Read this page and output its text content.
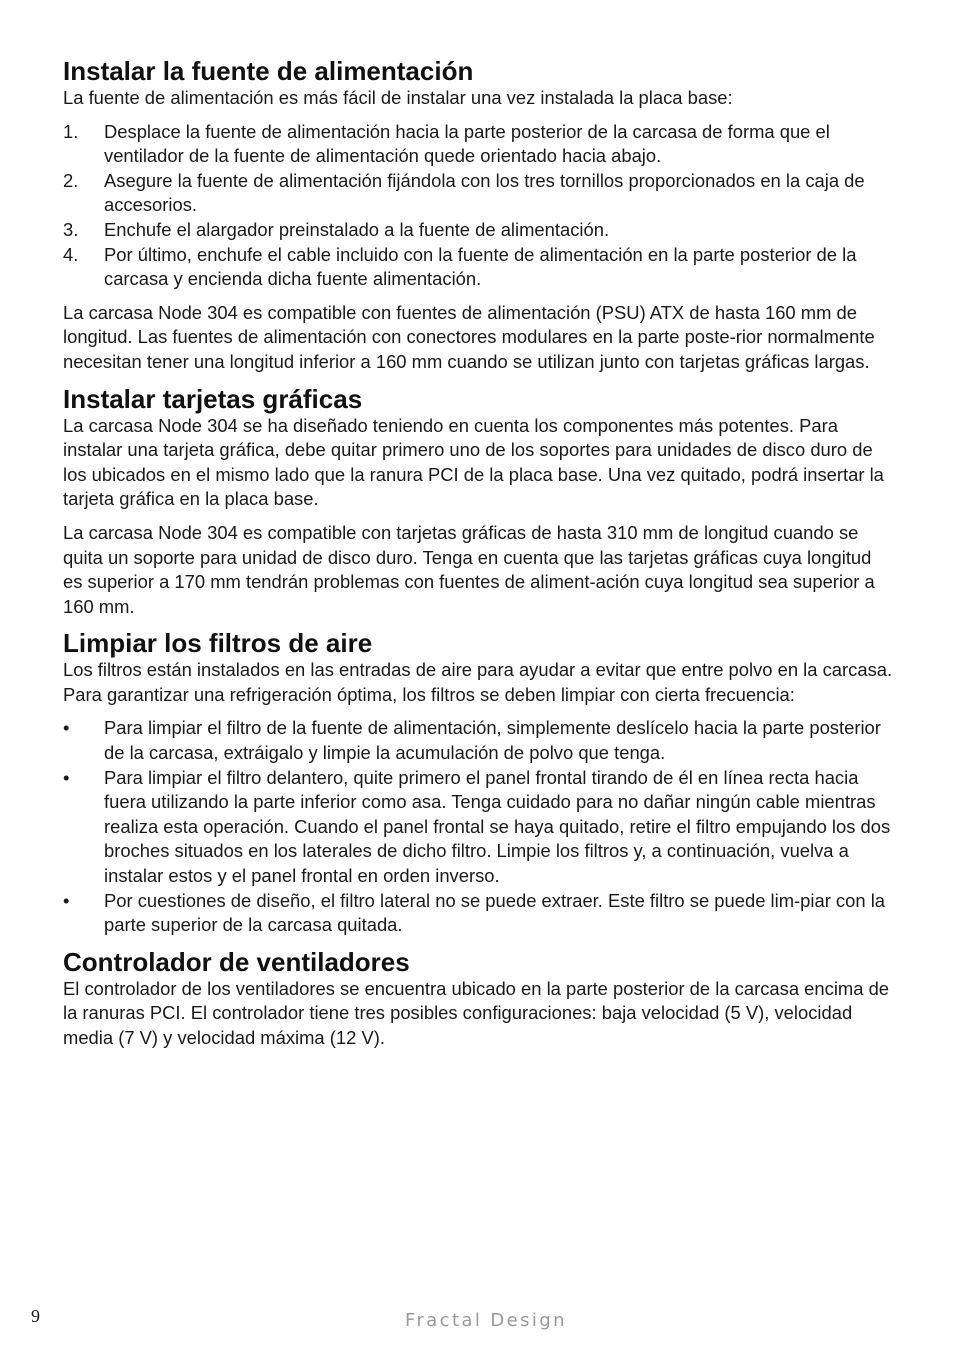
Instalar la fuente de alimentación

La fuente de alimentación es más fácil de instalar una vez instalada la placa base:

1. Desplace la fuente de alimentación hacia la parte posterior de la carcasa de forma que el ventilador de la fuente de alimentación quede orientado hacia abajo.
2. Asegure la fuente de alimentación fijándola con los tres tornillos proporcionados en la caja de accesorios.
3. Enchufe el alargador preinstalado a la fuente de alimentación.
4. Por último, enchufe el cable incluido con la fuente de alimentación en la parte posterior de la carcasa y encienda dicha fuente alimentación.

La carcasa Node 304 es compatible con fuentes de alimentación (PSU) ATX de hasta 160 mm de longitud. Las fuentes de alimentación con conectores modulares en la parte poste-rior normalmente necesitan tener una longitud inferior a 160 mm cuando se utilizan junto con tarjetas gráficas largas.

Instalar tarjetas gráficas

La carcasa Node 304 se ha diseñado teniendo en cuenta los componentes más potentes. Para instalar una tarjeta gráfica, debe quitar primero uno de los soportes para unidades de disco duro de los ubicados en el mismo lado que la ranura PCI de la placa base. Una vez quitado, podrá insertar la tarjeta gráfica en la placa base.

La carcasa Node 304 es compatible con tarjetas gráficas de hasta 310 mm de longitud cuando se quita un soporte para unidad de disco duro. Tenga en cuenta que las tarjetas gráficas cuya longitud es superior a 170 mm tendrán problemas con fuentes de aliment-ación cuya longitud sea superior a 160 mm.

Limpiar los filtros de aire

Los filtros están instalados en las entradas de aire para ayudar a evitar que entre polvo en la carcasa. Para garantizar una refrigeración óptima, los filtros se deben limpiar con cierta frecuencia:

• Para limpiar el filtro de la fuente de alimentación, simplemente deslícelo hacia la parte posterior de la carcasa, extráigalo y limpie la acumulación de polvo que tenga.
• Para limpiar el filtro delantero, quite primero el panel frontal tirando de él en línea recta hacia fuera utilizando la parte inferior como asa. Tenga cuidado para no dañar ningún cable mientras realiza esta operación. Cuando el panel frontal se haya quitado, retire el filtro empujando los dos broches situados en los laterales de dicho filtro. Limpie los filtros y, a continuación, vuelva a instalar estos y el panel frontal en orden inverso.
• Por cuestiones de diseño, el filtro lateral no se puede extraer. Este filtro se puede lim-piar con la parte superior de la carcasa quitada.
Controlador de ventiladores

El controlador de los ventiladores se encuentra ubicado en la parte posterior de la carcasa encima de la ranuras PCI. El controlador tiene tres posibles configuraciones: baja velocidad (5 V), velocidad media (7 V) y velocidad máxima (12 V).

9	Fractal Design
